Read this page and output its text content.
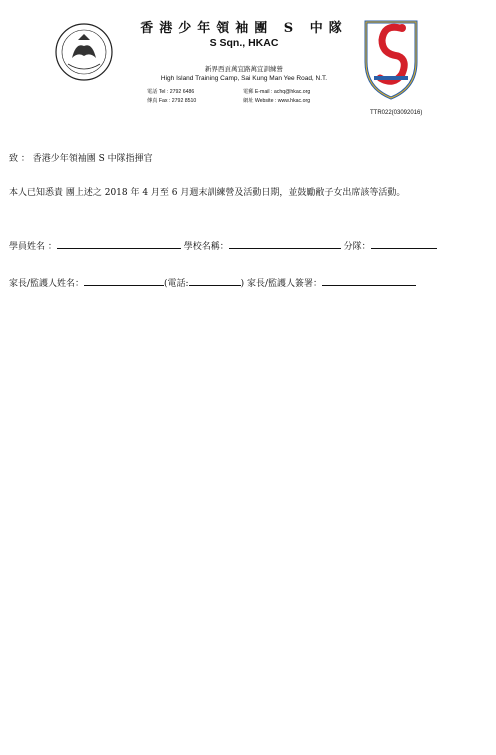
香港少年領袖團 S 中隊
S Sqn., HKAC
新界西貢萬宜路萬宜訓練營
High Island Training Camp, Sai Kung Man Yee Road, N.T.
電話 Tel : 2792 6486	電郵 E-mail : achq@hkac.org
傳真 Fax : 2792 8510	網址 Website : www.hkac.org
TTR022(03092016)
致 ： 香港少年領袖團 S 中隊指揮官
本人已知悉貴 團上述之 2018 年 4 月至 6 月週末訓練營及活動日期，並鼓勵敝子女出席該等活動。
學員姓名 ：	學校名稱：	分隊：
家長/監護人姓名：	(電話:	) 家長/監護人簽署：
